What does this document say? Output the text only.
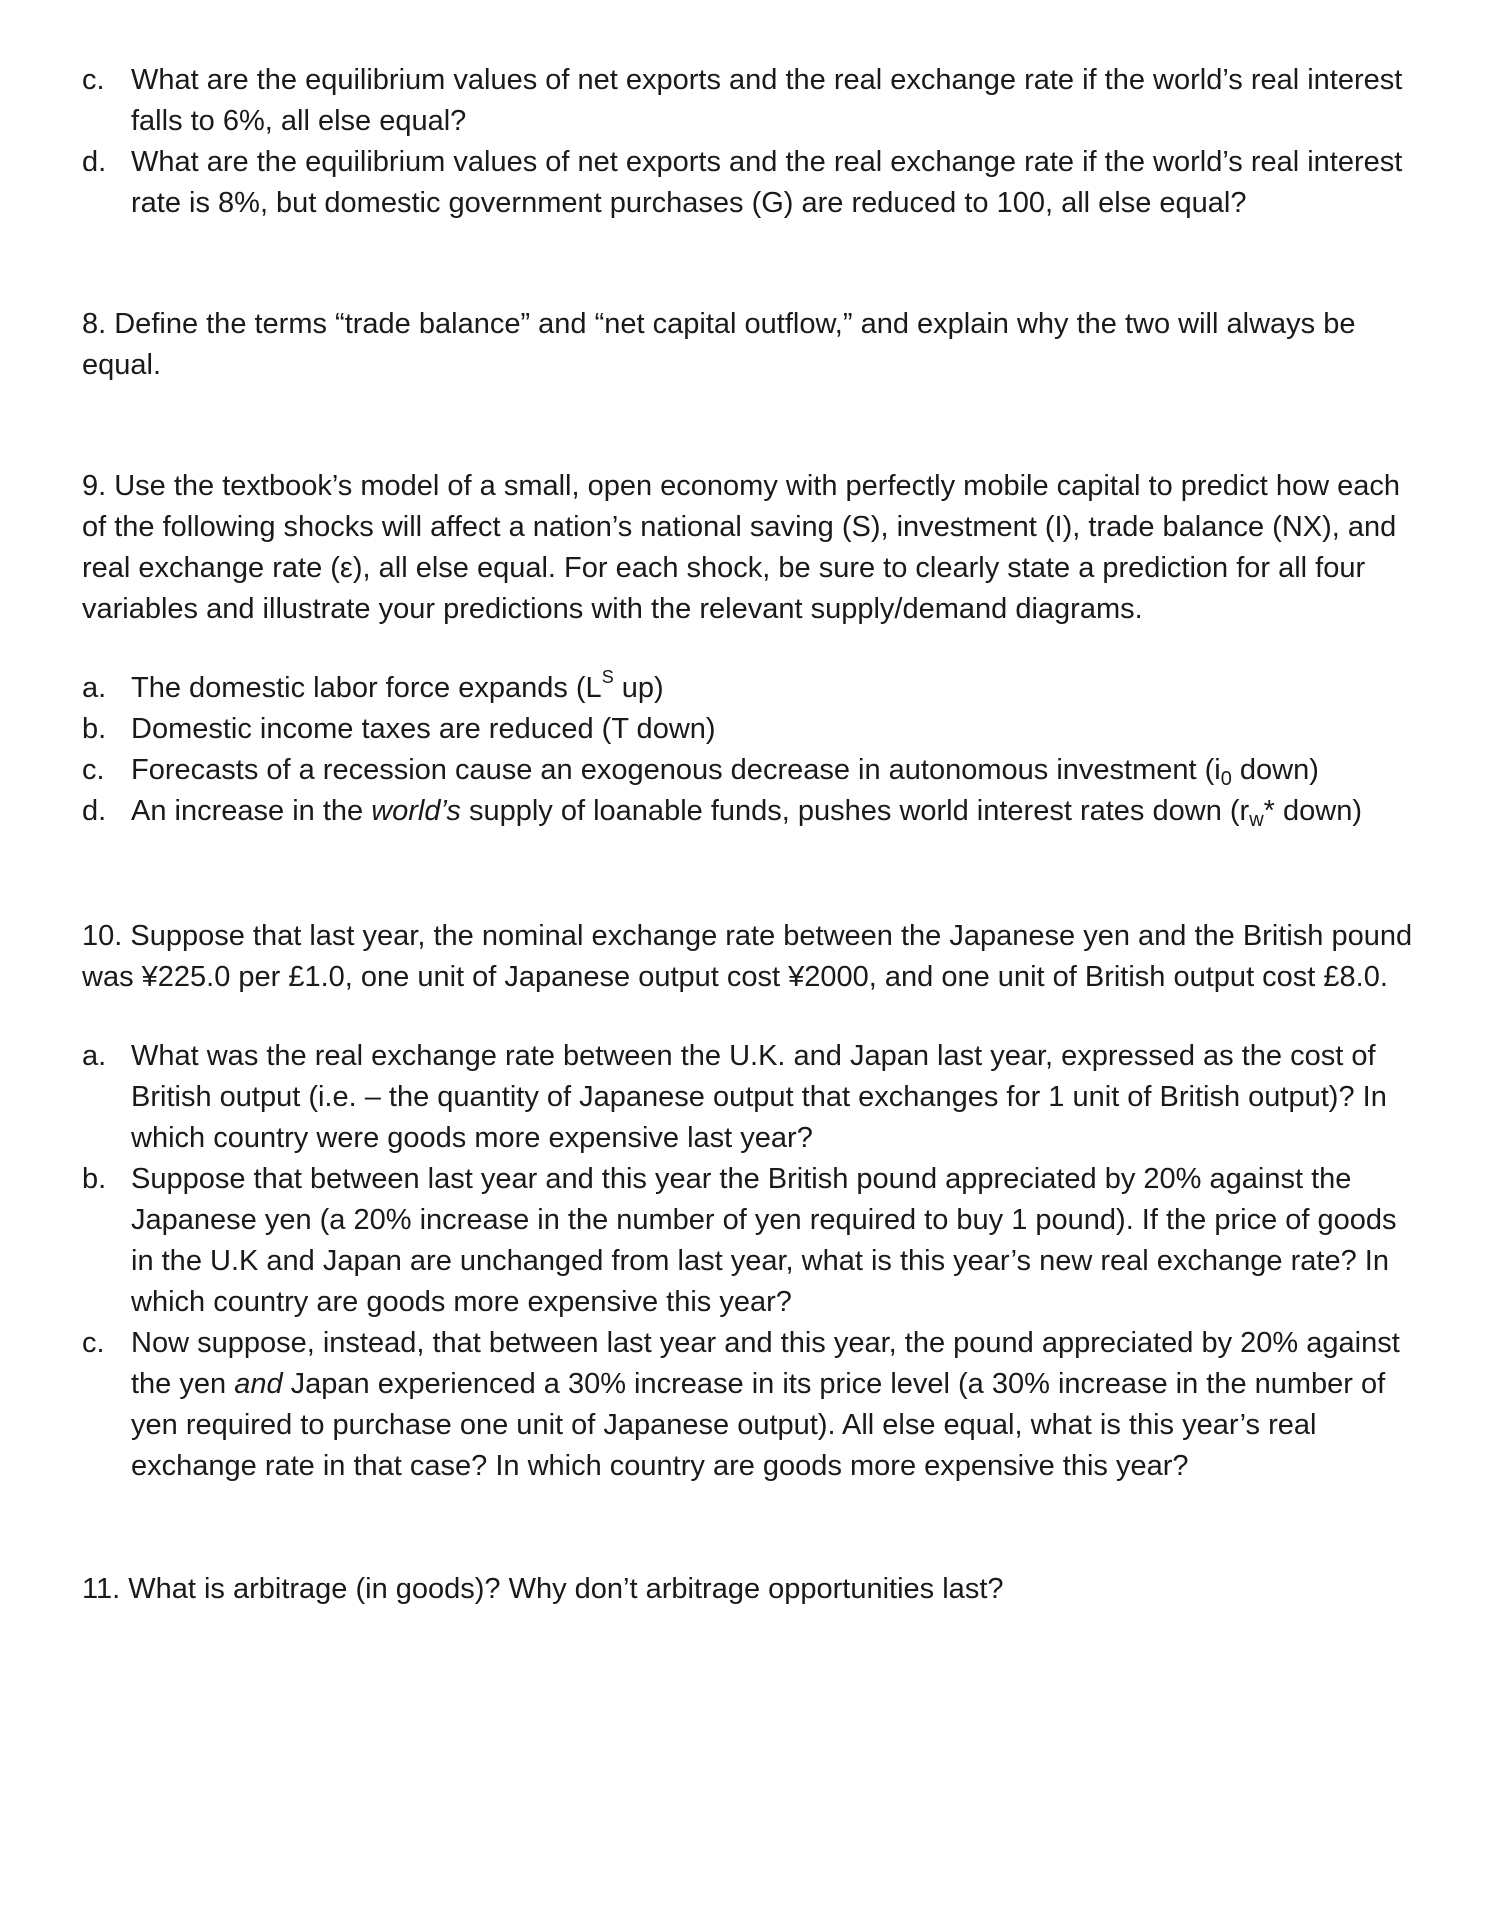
c. What are the equilibrium values of net exports and the real exchange rate if the world’s real interest falls to 6%, all else equal?
d. What are the equilibrium values of net exports and the real exchange rate if the world’s real interest rate is 8%, but domestic government purchases (G) are reduced to 100, all else equal?

8. Define the terms “trade balance” and “net capital outflow,” and explain why the two will always be equal.

9. Use the textbook’s model of a small, open economy with perfectly mobile capital to predict how each of the following shocks will affect a nation’s national saving (S), investment (I), trade balance (NX), and real exchange rate (ε), all else equal. For each shock, be sure to clearly state a prediction for all four variables and illustrate your predictions with the relevant supply/demand diagrams.

a. The domestic labor force expands ($L^S$ up)
b. Domestic income taxes are reduced (T down)
c. Forecasts of a recession cause an exogenous decrease in autonomous investment ($i_0$ down)
d. An increase in the world’s supply of loanable funds, pushes world interest rates down ($r_w*$ down)

10. Suppose that last year, the nominal exchange rate between the Japanese yen and the British pound was ¥225.0 per £1.0, one unit of Japanese output cost ¥2000, and one unit of British output cost £8.0.

a. What was the real exchange rate between the U.K. and Japan last year, expressed as the cost of British output (i.e. – the quantity of Japanese output that exchanges for 1 unit of British output)? In which country were goods more expensive last year?
b. Suppose that between last year and this year the British pound appreciated by 20% against the Japanese yen (a 20% increase in the number of yen required to buy 1 pound). If the price of goods in the U.K and Japan are unchanged from last year, what is this year’s new real exchange rate? In which country are goods more expensive this year?
c. Now suppose, instead, that between last year and this year, the pound appreciated by 20% against the yen and Japan experienced a 30% increase in its price level (a 30% increase in the number of yen required to purchase one unit of Japanese output). All else equal, what is this year’s real exchange rate in that case? In which country are goods more expensive this year?

11. What is arbitrage (in goods)? Why don’t arbitrage opportunities last?
